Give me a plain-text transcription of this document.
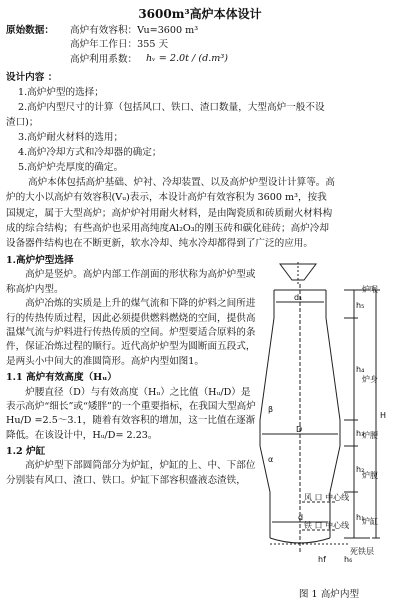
3600m³高炉本体设计
原始数据： 高炉有效容积：Vu=3600 m³
高炉年工作日：355 天
高炉利用系数： hᵥ = 2.0t / (d.m³)
设计内容 ：
1.高炉炉型的选择；
2.高炉内型尺寸的计算（包括风口、铁口、渣口数量，大型高炉一般不设
渣口)；
3.高炉耐火材料的选用；
4.高炉冷却方式和冷却器的确定；
5.高炉炉壳厚度的确定。
高炉本体包括高炉基础、炉衬、冷却装置、以及高炉炉型设计计算等。高
炉的大小以高炉有效容积(Vᵤ)表示，本设计高炉有效容积为 3600 m³，按我
国规定，属于大型高炉；高炉炉衬用耐火材料，是由陶瓷质和砖质耐火材料构
成的综合结构；有些高炉也采用高纯度Al₂O₃的刚玉砖和碳化硅砖；高炉冷却
设备器件结构也在不断更新，软水冷却、纯水冷却都得到了广泛的应用。

1.高炉炉型选择

高炉是竖炉。高炉内部工作剖面的形状称为高炉炉型或称高炉内型。

高炉冶炼的实质是上升的煤气流和下降的炉料之间所进行的传热传质过程，因此必须提供燃料燃烧的空间，提供高温煤气流与炉料进行传热传质的空间。炉型要适合原料的条件，保证冶炼过程的顺行。近代高炉炉型为圆断面五段式，是两头小中间大的准圆筒形。高炉内型如图1。

1.1 高炉有效高度（Hᵤ）

炉腰直径（D）与有效高度（Hᵤ）之比值（Hᵤ/D）是表示高炉“细长”或“矮胖”的一个重要指标，在我国大型高炉 Hu/D =2.5～3.1，随着有效容积的增加，这一比值在逐渐降低。在该设计中，Hᵤ/D= 2.23。

1.2 炉缸

高炉炉型下部圆筒部分为炉缸，炉缸的上、中、下部位分别装有风口、渣口、铁口。炉缸下部容积盛液态渣铁，

d₁
D
d
β
α
h₅
h₄
h₃
h₂
h₁
H
炉喉
炉身
炉腰
炉腹
炉缸
风 口 中心线
铁 口 中心线
死铁层
h₆
hf
图 1 高炉内型
